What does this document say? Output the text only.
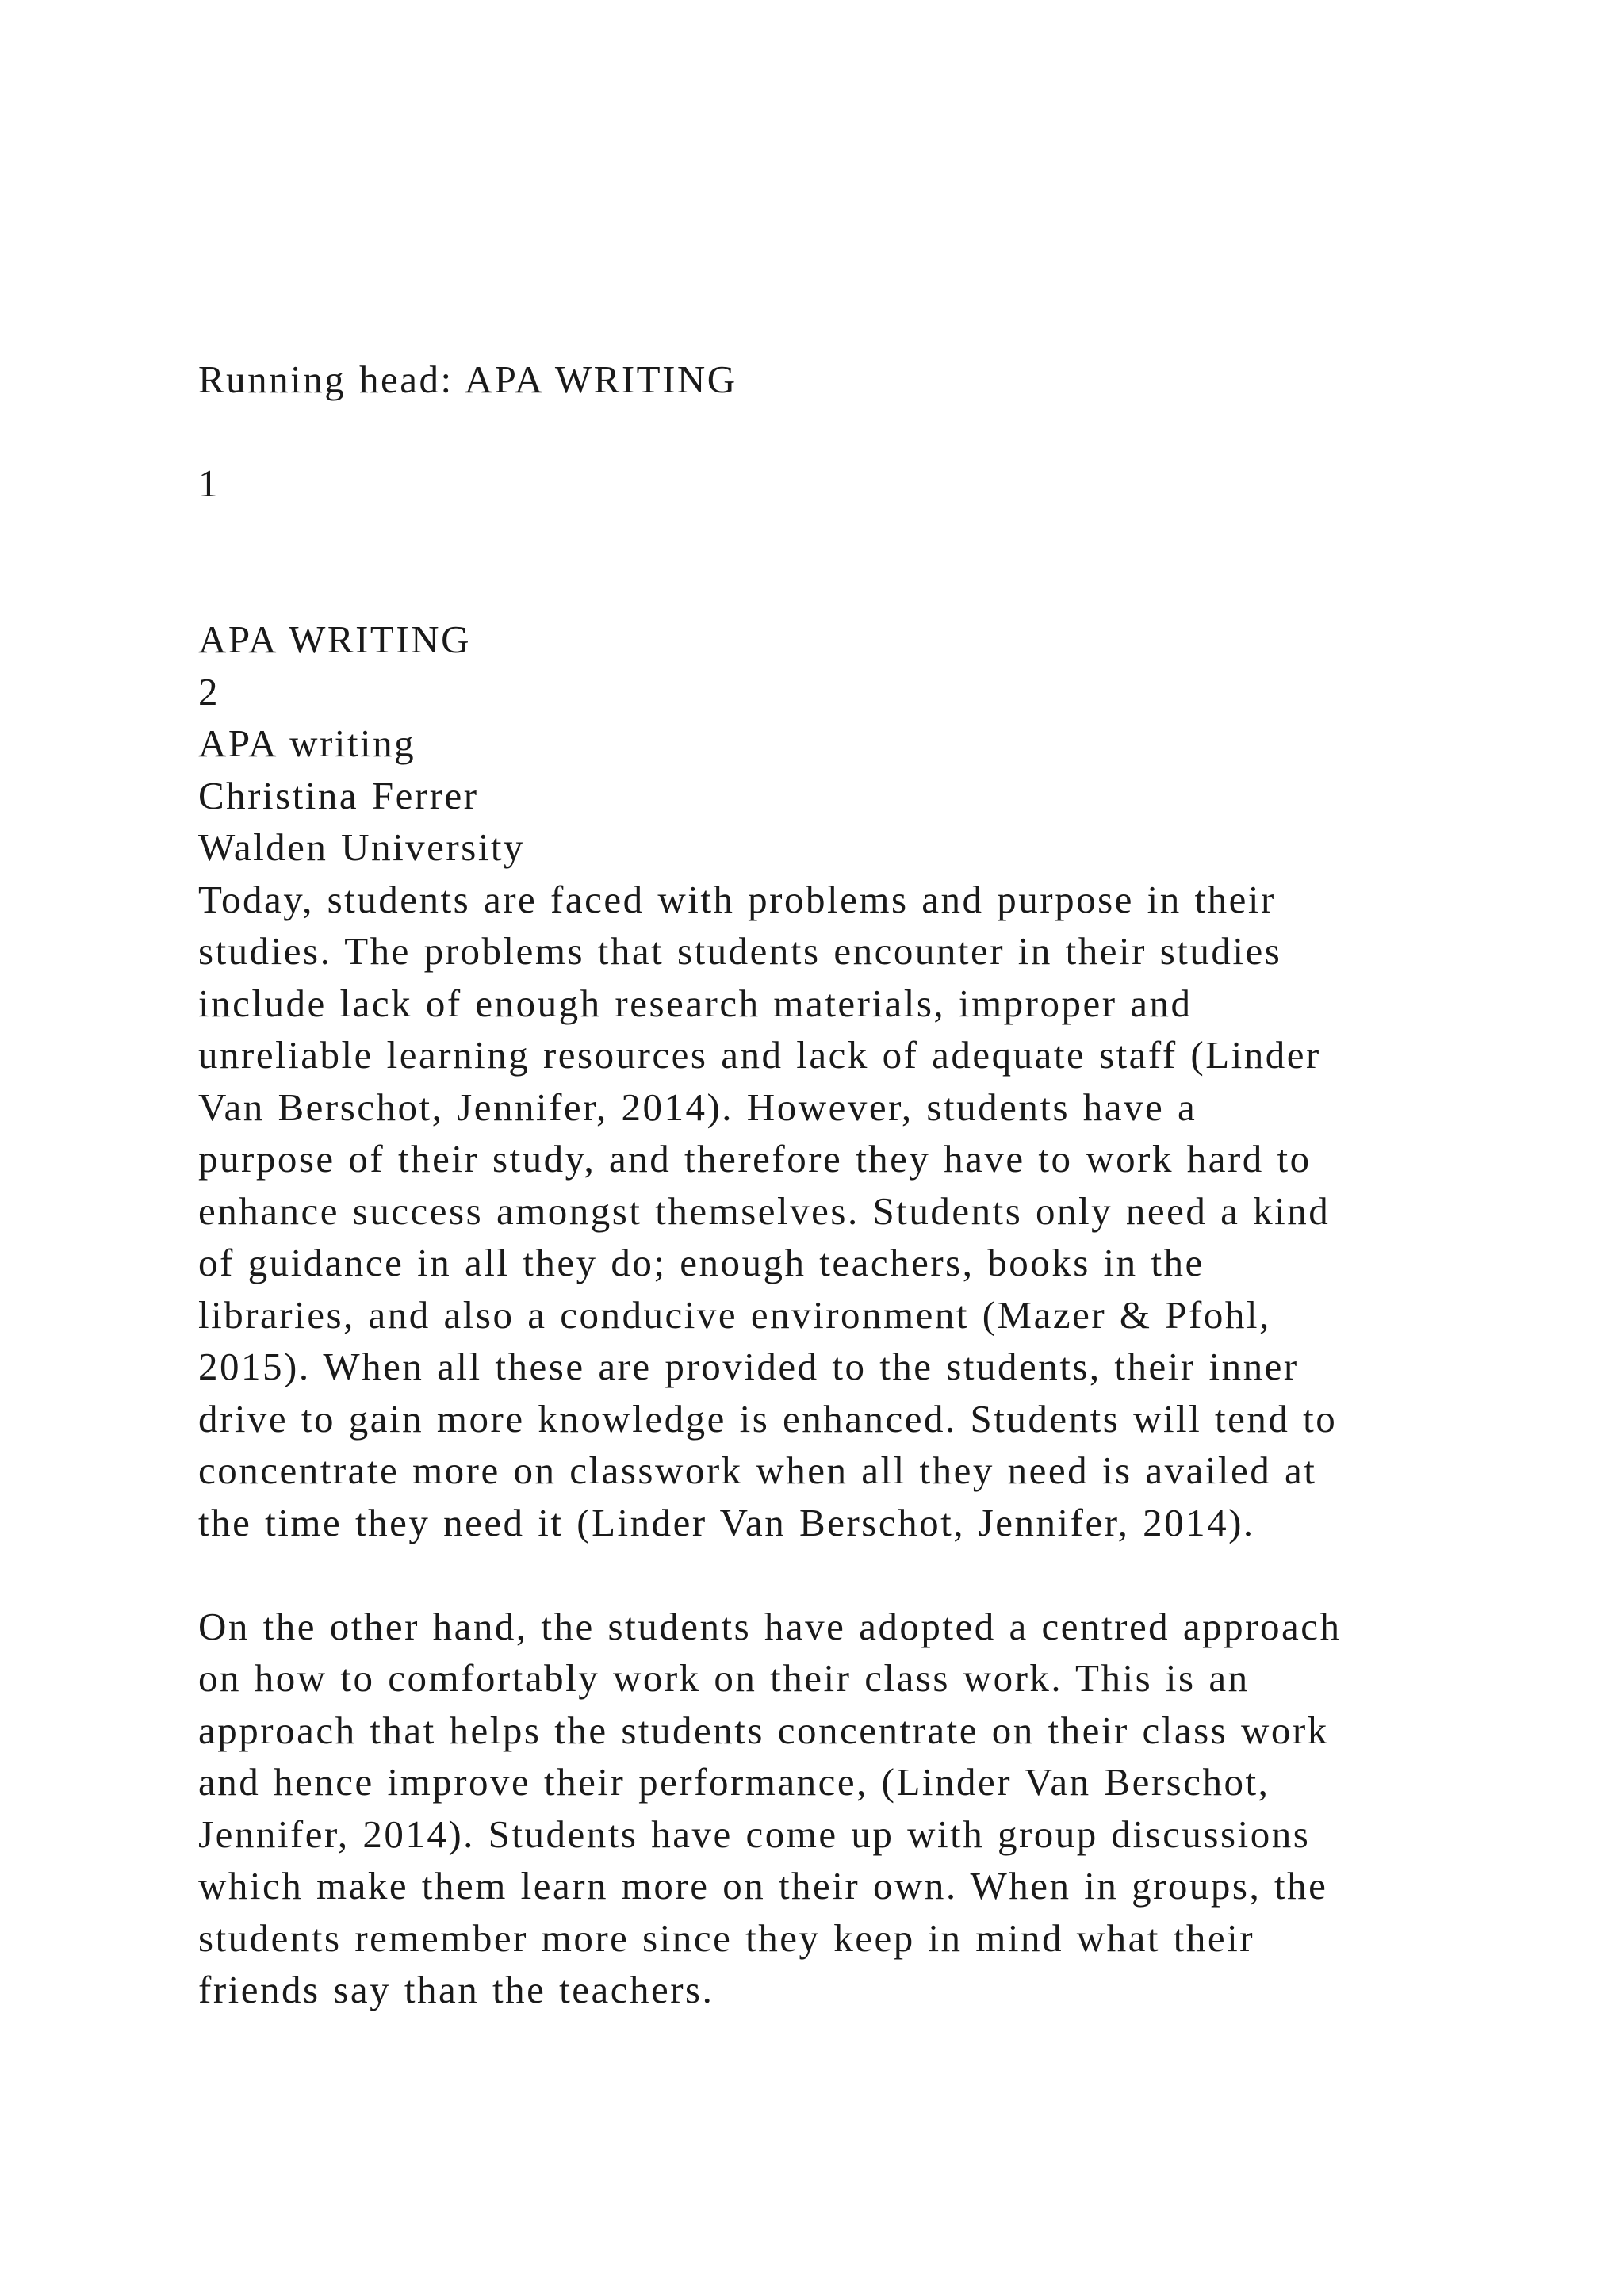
Running head: APA WRITING
1
APA WRITING
2
APA writing
Christina Ferrer
Walden University
Today, students are faced with problems and purpose in their
studies. The problems that students encounter in their studies
include lack of enough research materials, improper and
unreliable learning resources and lack of adequate staff (Linder
Van Berschot, Jennifer, 2014). However, students have a
purpose of their study, and therefore they have to work hard to
enhance success amongst themselves. Students only need a kind
of guidance in all they do; enough teachers, books in the
libraries, and also a conducive environment (Mazer & Pfohl,
2015). When all these are provided to the students, their inner
drive to gain more knowledge is enhanced. Students will tend to
concentrate more on classwork when all they need is availed at
the time they need it (Linder Van Berschot, Jennifer, 2014).
On the other hand, the students have adopted a centred approach
on how to comfortably work on their class work. This is an
approach that helps the students concentrate on their class work
and hence improve their performance, (Linder Van Berschot,
Jennifer, 2014). Students have come up with group discussions
which make them learn more on their own. When in groups, the
students remember more since they keep in mind what their
friends say than the teachers.
